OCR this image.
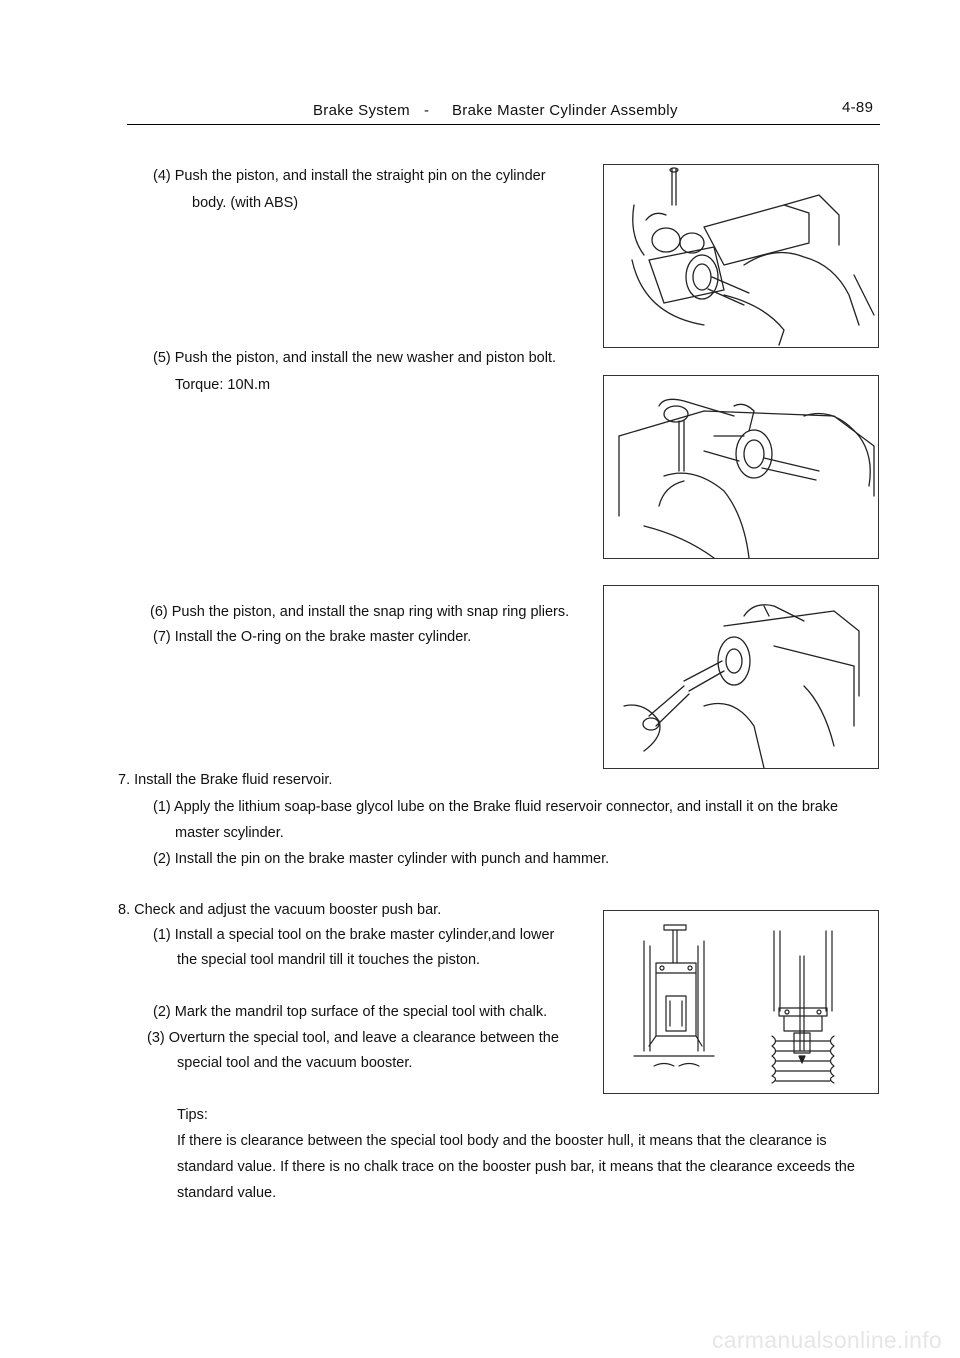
Brake System - Brake Master Cylinder Assembly	4-89
(4) Push the piston, and install the straight pin on the cylinder
body. (with ABS)
(5) Push the piston, and install the new washer and piston bolt.
Torque: 10N.m
(6) Push the piston, and install the snap ring with snap ring pliers.
(7) Install the O-ring on the brake master cylinder.
7. Install the Brake fluid reservoir.
(1) Apply the lithium soap-base glycol lube on the Brake fluid reservoir connector, and install it on the brake
master scylinder.
(2) Install the pin on the brake master cylinder with punch and hammer.
8. Check and adjust the vacuum booster push bar.
(1) Install a special tool on the brake master cylinder,and lower
the special tool mandril till it touches the piston.
(2) Mark the mandril top surface of the special tool with chalk.
(3) Overturn the special tool, and leave a clearance between the
special tool and the vacuum booster.
Tips:
If there is clearance between the special tool body and the booster hull, it means that the clearance is
standard value. If there is no chalk trace on the booster push bar, it means that the clearance exceeds the
standard value.
carmanualsonline.info
